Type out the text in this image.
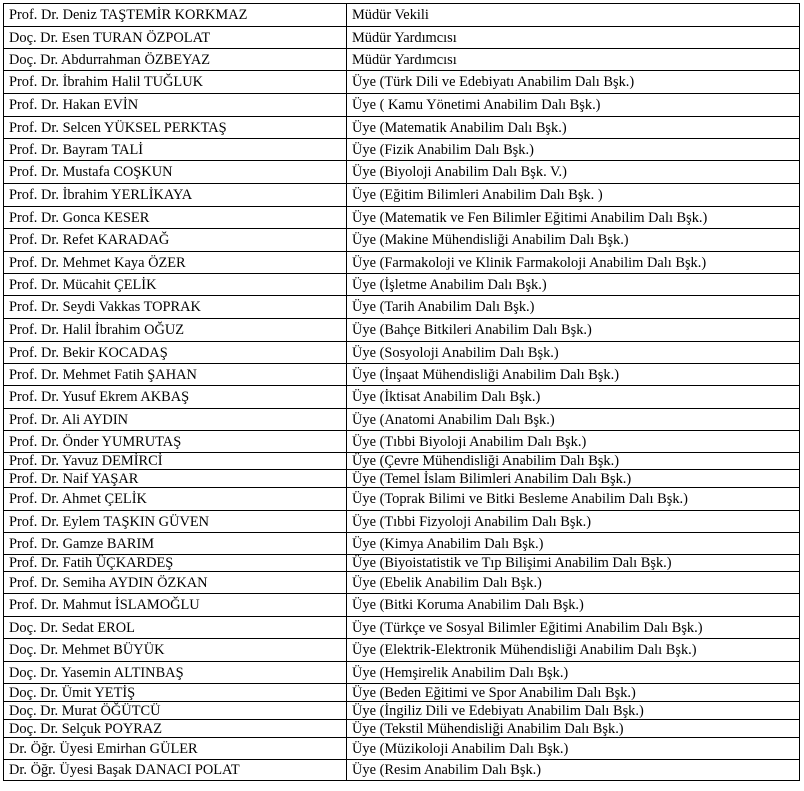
Prof. Dr. Deniz TAŞTEMİR KORKMAZ	Müdür Vekili
Doç. Dr. Esen TURAN ÖZPOLAT	Müdür Yardımcısı
Doç. Dr. Abdurrahman ÖZBEYAZ	Müdür Yardımcısı
Prof. Dr. İbrahim Halil TUĞLUK	Üye (Türk Dili ve Edebiyatı Anabilim Dalı Bşk.)
Prof. Dr. Hakan EVİN	Üye ( Kamu Yönetimi Anabilim Dalı Bşk.)
Prof. Dr. Selcen YÜKSEL PERKTAŞ	Üye (Matematik Anabilim Dalı Bşk.)
Prof. Dr. Bayram TALİ	Üye (Fizik Anabilim Dalı Bşk.)
Prof. Dr. Mustafa COŞKUN	Üye (Biyoloji Anabilim Dalı Bşk. V.)
Prof. Dr. İbrahim YERLİKAYA	Üye (Eğitim Bilimleri Anabilim Dalı Bşk. )
Prof. Dr. Gonca KESER	Üye (Matematik ve Fen Bilimler Eğitimi Anabilim Dalı Bşk.)
Prof. Dr. Refet KARADAĞ	Üye (Makine Mühendisliği Anabilim Dalı Bşk.)
Prof. Dr. Mehmet Kaya ÖZER	Üye (Farmakoloji ve Klinik Farmakoloji Anabilim Dalı Bşk.)
Prof. Dr. Mücahit ÇELİK	Üye (İşletme Anabilim Dalı Bşk.)
Prof. Dr. Seydi Vakkas TOPRAK	Üye (Tarih Anabilim Dalı Bşk.)
Prof. Dr. Halil İbrahim OĞUZ	Üye (Bahçe Bitkileri Anabilim Dalı Bşk.)
Prof. Dr. Bekir KOCADAŞ	Üye (Sosyoloji Anabilim Dalı Bşk.)
Prof. Dr. Mehmet Fatih ŞAHAN	Üye (İnşaat Mühendisliği Anabilim Dalı Bşk.)
Prof. Dr. Yusuf Ekrem AKBAŞ	Üye (İktisat Anabilim Dalı Bşk.)
Prof. Dr. Ali AYDIN	Üye (Anatomi Anabilim Dalı Bşk.)
Prof. Dr. Önder YUMRUTAŞ	Üye (Tıbbi Biyoloji Anabilim Dalı Bşk.)
Prof. Dr. Yavuz DEMİRCİ	Üye (Çevre Mühendisliği Anabilim Dalı Bşk.)
Prof. Dr. Naif YAŞAR	Üye (Temel İslam Bilimleri Anabilim Dalı Bşk.)
Prof. Dr. Ahmet ÇELİK	Üye (Toprak Bilimi ve Bitki Besleme Anabilim Dalı Bşk.)
Prof. Dr. Eylem TAŞKIN GÜVEN	Üye (Tıbbi Fizyoloji Anabilim Dalı Bşk.)
Prof. Dr. Gamze BARIM	Üye (Kimya Anabilim Dalı Bşk.)
Prof. Dr. Fatih ÜÇKARDEŞ	Üye (Biyoistatistik ve Tıp Bilişimi Anabilim Dalı Bşk.)
Prof. Dr. Semiha AYDIN ÖZKAN	Üye (Ebelik Anabilim Dalı Bşk.)
Prof. Dr. Mahmut İSLAMOĞLU	Üye (Bitki Koruma Anabilim Dalı Bşk.)
Doç. Dr. Sedat EROL	Üye (Türkçe ve Sosyal Bilimler Eğitimi Anabilim Dalı Bşk.)
Doç. Dr. Mehmet BÜYÜK	Üye (Elektrik-Elektronik Mühendisliği Anabilim Dalı Bşk.)
Doç. Dr. Yasemin ALTINBAŞ	Üye (Hemşirelik Anabilim Dalı Bşk.)
Doç. Dr. Ümit YETİŞ	Üye (Beden Eğitimi ve Spor Anabilim Dalı Bşk.)
Doç. Dr. Murat ÖĞÜTCÜ	Üye (İngiliz Dili ve Edebiyatı Anabilim Dalı Bşk.)
Doç. Dr. Selçuk POYRAZ	Üye (Tekstil Mühendisliği Anabilim Dalı Bşk.)
Dr. Öğr. Üyesi Emirhan GÜLER	Üye (Müzikoloji Anabilim Dalı Bşk.)
Dr. Öğr. Üyesi Başak DANACI POLAT	Üye (Resim Anabilim Dalı Bşk.)
